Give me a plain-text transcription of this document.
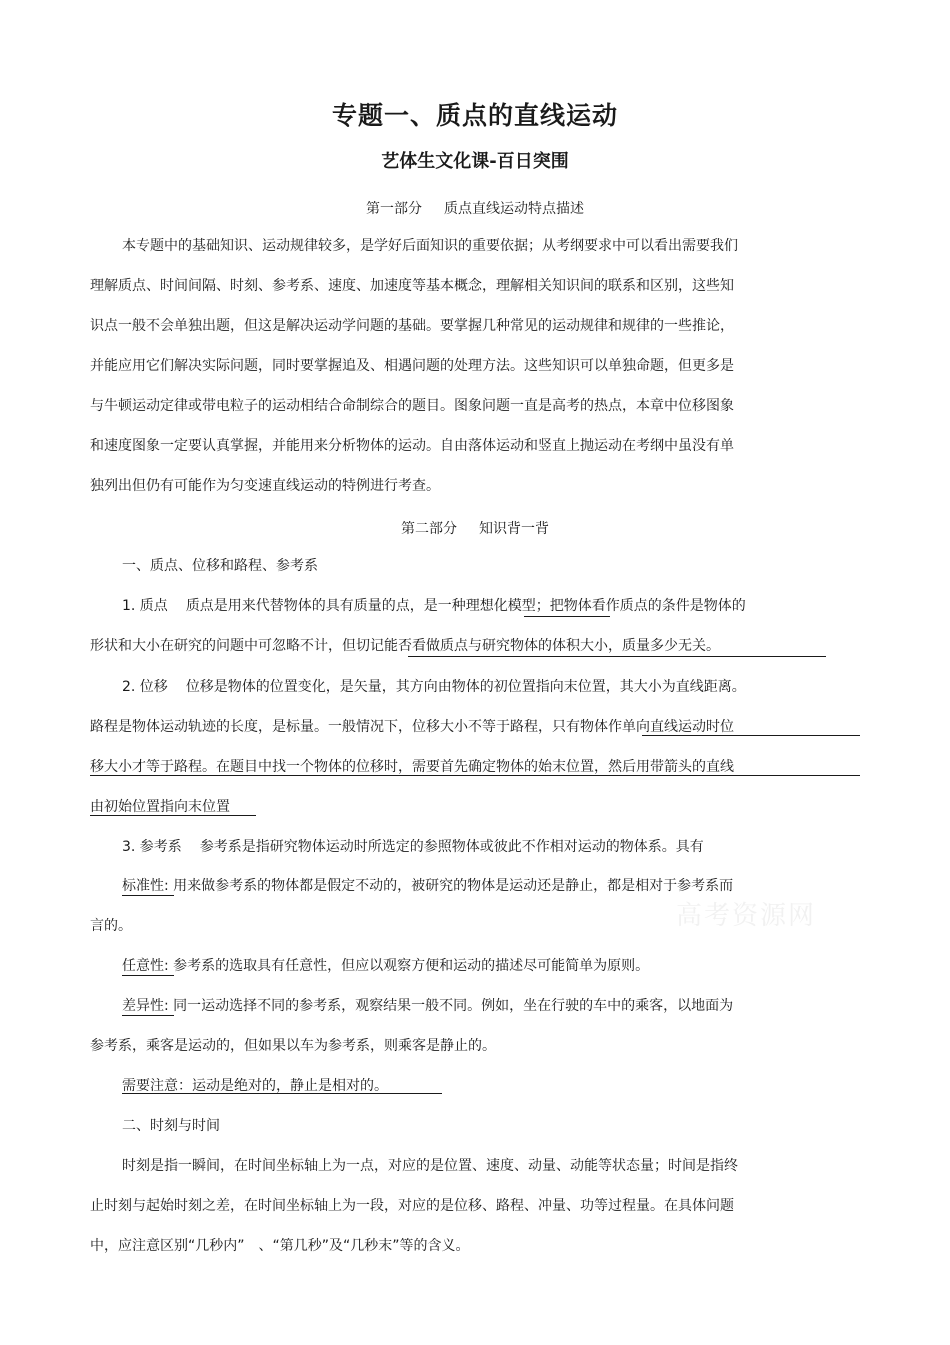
专题一、质点的直线运动
艺体生文化课-百日突围
第一部分 质点直线运动特点描述
本专题中的基础知识、运动规律较多，是学好后面知识的重要依据；从考纲要求中可以看出需要我们
理解质点、时间间隔、时刻、参考系、速度、加速度等基本概念，理解相关知识间的联系和区别，这些知
识点一般不会单独出题，但这是解决运动学问题的基础。要掌握几种常见的运动规律和规律的一些推论，
并能应用它们解决实际问题，同时要掌握追及、相遇问题的处理方法。这些知识可以单独命题，但更多是
与牛顿运动定律或带电粒子的运动相结合命制综合的题目。图象问题一直是高考的热点，本章中位移图象
和速度图象一定要认真掌握，并能用来分析物体的运动。自由落体运动和竖直上抛运动在考纲中虽没有单
独列出但仍有可能作为匀变速直线运动的特例进行考查。
第二部分 知识背一背
一、质点、位移和路程、参考系
1. 质点 质点是用来代替物体的具有质量的点，是一种理想化模型；把物体看作质点的条件是物体的
形状和大小在研究的问题中可忽略不计，但切记能否看做质点与研究物体的体积大小，质量多少无关。
2. 位移 位移是物体的位置变化，是矢量，其方向由物体的初位置指向末位置，其大小为直线距离。
路程是物体运动轨迹的长度，是标量。一般情况下，位移大小不等于路程，只有物体作单向直线运动时位
移大小才等于路程。在题目中找一个物体的位移时，需要首先确定物体的始末位置，然后用带箭头的直线
由初始位置指向末位置
3. 参考系 参考系是指研究物体运动时所选定的参照物体或彼此不作相对运动的物体系。具有
标准性: 用来做参考系的物体都是假定不动的，被研究的物体是运动还是静止，都是相对于参考系而
言的。
任意性: 参考系的选取具有任意性，但应以观察方便和运动的描述尽可能简单为原则。
差异性: 同一运动选择不同的参考系，观察结果一般不同。例如，坐在行驶的车中的乘客，以地面为
参考系，乘客是运动的，但如果以车为参考系，则乘客是静止的。
需要注意：运动是绝对的，静止是相对的。
二、时刻与时间
时刻是指一瞬间，在时间坐标轴上为一点，对应的是位置、速度、动量、动能等状态量；时间是指终
止时刻与起始时刻之差，在时间坐标轴上为一段，对应的是位移、路程、冲量、功等过程量。在具体问题
中，应注意区别“几秒内”　、“第几秒”及“几秒末”等的含义。
高考资源网
